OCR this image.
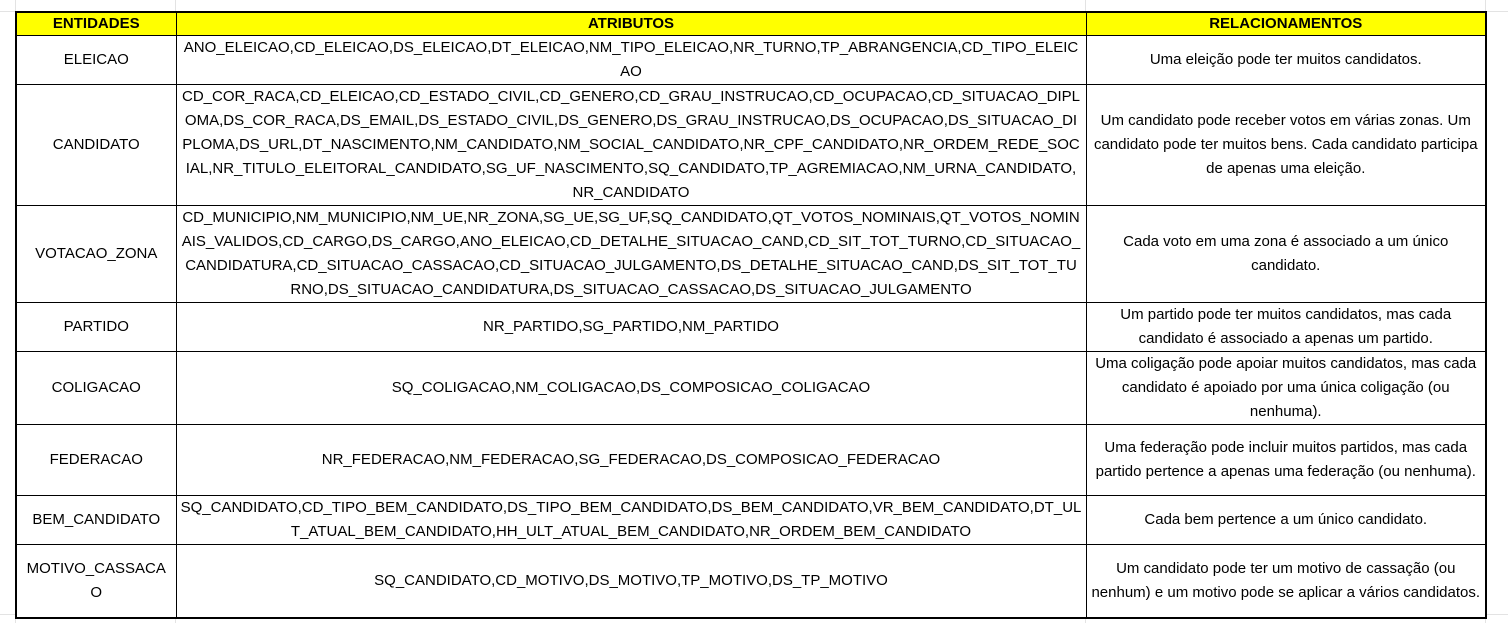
ENTIDADES	ATRIBUTOS	RELACIONAMENTOS
ELEICAO	ANO_ELEICAO,CD_ELEICAO,DS_ELEICAO,DT_ELEICAO,NM_TIPO_ELEICAO,NR_TURNO,TP_ABRANGENCIA,CD_TIPO_ELEICAO	Uma eleição pode ter muitos candidatos.
CANDIDATO	CD_COR_RACA,CD_ELEICAO,CD_ESTADO_CIVIL,CD_GENERO,CD_GRAU_INSTRUCAO,CD_OCUPACAO,CD_SITUACAO_DIPLOMA,DS_COR_RACA,DS_EMAIL,DS_ESTADO_CIVIL,DS_GENERO,DS_GRAU_INSTRUCAO,DS_OCUPACAO,DS_SITUACAO_DIPLOMA,DS_URL,DT_NASCIMENTO,NM_CANDIDATO,NM_SOCIAL_CANDIDATO,NR_CPF_CANDIDATO,NR_ORDEM_REDE_SOCIAL,NR_TITULO_ELEITORAL_CANDIDATO,SG_UF_NASCIMENTO,SQ_CANDIDATO,TP_AGREMIACAO,NM_URNA_CANDIDATO,NR_CANDIDATO	Um candidato pode receber votos em várias zonas. Um candidato pode ter muitos bens. Cada candidato participa de apenas uma eleição.
VOTACAO_ZONA	CD_MUNICIPIO,NM_MUNICIPIO,NM_UE,NR_ZONA,SG_UE,SG_UF,SQ_CANDIDATO,QT_VOTOS_NOMINAIS,QT_VOTOS_NOMINAIS_VALIDOS,CD_CARGO,DS_CARGO,ANO_ELEICAO,CD_DETALHE_SITUACAO_CAND,CD_SIT_TOT_TURNO,CD_SITUACAO_CANDIDATURA,CD_SITUACAO_CASSACAO,CD_SITUACAO_JULGAMENTO,DS_DETALHE_SITUACAO_CAND,DS_SIT_TOT_TURNO,DS_SITUACAO_CANDIDATURA,DS_SITUACAO_CASSACAO,DS_SITUACAO_JULGAMENTO	Cada voto em uma zona é associado a um único candidato.
PARTIDO	NR_PARTIDO,SG_PARTIDO,NM_PARTIDO	Um partido pode ter muitos candidatos, mas cada candidato é associado a apenas um partido.
COLIGACAO	SQ_COLIGACAO,NM_COLIGACAO,DS_COMPOSICAO_COLIGACAO	Uma coligação pode apoiar muitos candidatos, mas cada candidato é apoiado por uma única coligação (ou nenhuma).
FEDERACAO	NR_FEDERACAO,NM_FEDERACAO,SG_FEDERACAO,DS_COMPOSICAO_FEDERACAO	Uma federação pode incluir muitos partidos, mas cada partido pertence a apenas uma federação (ou nenhuma).
BEM_CANDIDATO	SQ_CANDIDATO,CD_TIPO_BEM_CANDIDATO,DS_TIPO_BEM_CANDIDATO,DS_BEM_CANDIDATO,VR_BEM_CANDIDATO,DT_ULT_ATUAL_BEM_CANDIDATO,HH_ULT_ATUAL_BEM_CANDIDATO,NR_ORDEM_BEM_CANDIDATO	Cada bem pertence a um único candidato.
MOTIVO_CASSACAO	SQ_CANDIDATO,CD_MOTIVO,DS_MOTIVO,TP_MOTIVO,DS_TP_MOTIVO	Um candidato pode ter um motivo de cassação (ou nenhum) e um motivo pode se aplicar a vários candidatos.
